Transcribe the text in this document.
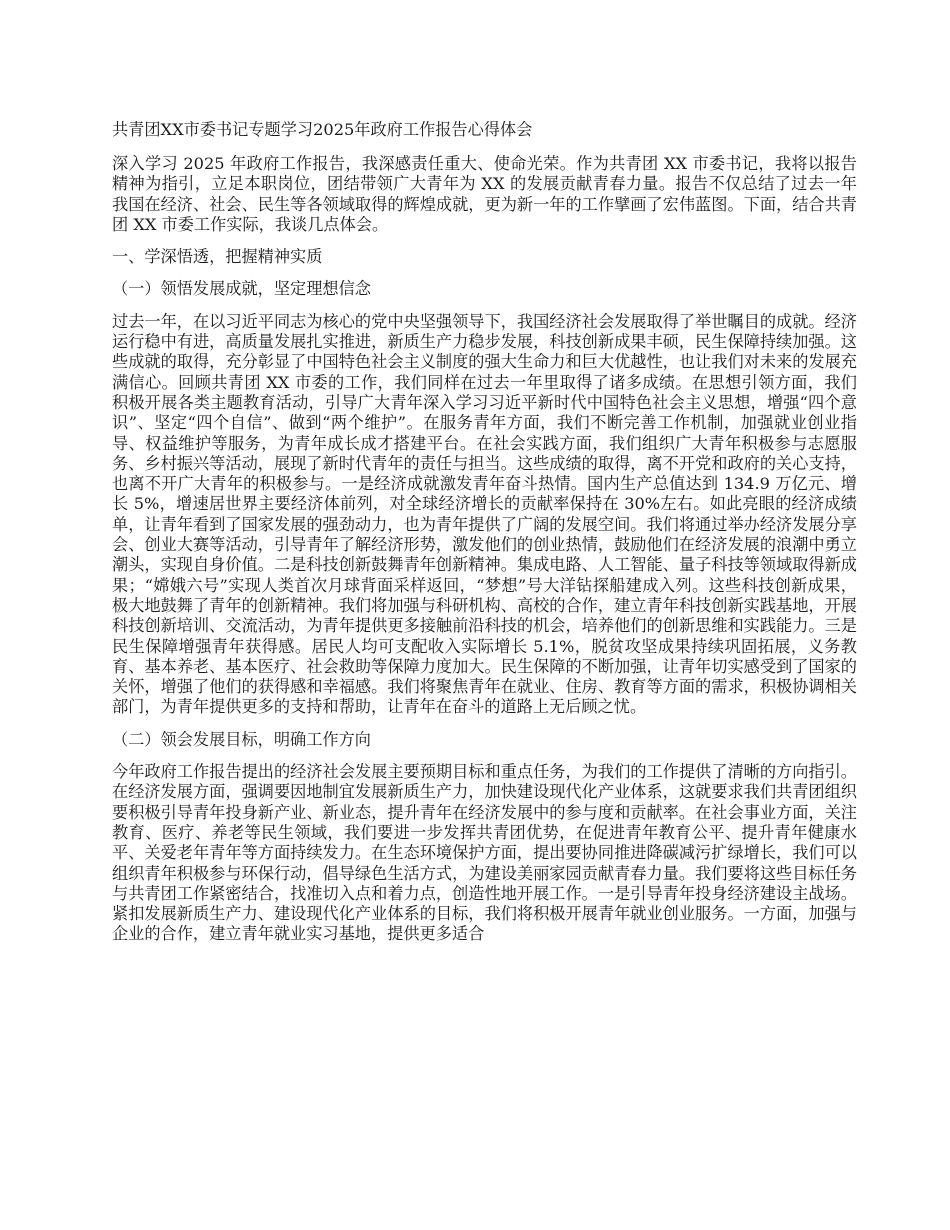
共青团XX市委书记专题学习2025年政府工作报告心得体会

深入学习 2025 年政府工作报告，我深感责任重大、使命光荣。作为共青团 XX 市委书记，我将以报告精神为指引，立足本职岗位，团结带领广大青年为 XX 的发展贡献青春力量。报告不仅总结了过去一年我国在经济、社会、民生等各领域取得的辉煌成就，更为新一年的工作擘画了宏伟蓝图。下面，结合共青团 XX 市委工作实际，我谈几点体会。

一、学深悟透，把握精神实质
（一）领悟发展成就，坚定理想信念

过去一年，在以习近平同志为核心的党中央坚强领导下，我国经济社会发展取得了举世瞩目的成就。经济运行稳中有进，高质量发展扎实推进，新质生产力稳步发展，科技创新成果丰硕，民生保障持续加强。这些成就的取得，充分彰显了中国特色社会主义制度的强大生命力和巨大优越性，也让我们对未来的发展充满信心。回顾共青团 XX 市委的工作，我们同样在过去一年里取得了诸多成绩。在思想引领方面，我们积极开展各类主题教育活动，引导广大青年深入学习习近平新时代中国特色社会主义思想，增强“四个意识”、坚定“四个自信”、做到“两个维护”。在服务青年方面，我们不断完善工作机制，加强就业创业指导、权益维护等服务，为青年成长成才搭建平台。在社会实践方面，我们组织广大青年积极参与志愿服务、乡村振兴等活动，展现了新时代青年的责任与担当。这些成绩的取得，离不开党和政府的关心支持，也离不开广大青年的积极参与。一是经济成就激发青年奋斗热情。国内生产总值达到 134.9 万亿元、增长 5%，增速居世界主要经济体前列，对全球经济增长的贡献率保持在 30%左右。如此亮眼的经济成绩单，让青年看到了国家发展的强劲动力，也为青年提供了广阔的发展空间。我们将通过举办经济发展分享会、创业大赛等活动，引导青年了解经济形势，激发他们的创业热情，鼓励他们在经济发展的浪潮中勇立潮头，实现自身价值。二是科技创新鼓舞青年创新精神。集成电路、人工智能、量子科技等领域取得新成果；“嫦娥六号”实现人类首次月球背面采样返回，“梦想”号大洋钻探船建成入列。这些科技创新成果，极大地鼓舞了青年的创新精神。我们将加强与科研机构、高校的合作，建立青年科技创新实践基地，开展科技创新培训、交流活动，为青年提供更多接触前沿科技的机会，培养他们的创新思维和实践能力。三是民生保障增强青年获得感。居民人均可支配收入实际增长 5.1%，脱贫攻坚成果持续巩固拓展，义务教育、基本养老、基本医疗、社会救助等保障力度加大。民生保障的不断加强，让青年切实感受到了国家的关怀，增强了他们的获得感和幸福感。我们将聚焦青年在就业、住房、教育等方面的需求，积极协调相关部门，为青年提供更多的支持和帮助，让青年在奋斗的道路上无后顾之忧。

（二）领会发展目标，明确工作方向

今年政府工作报告提出的经济社会发展主要预期目标和重点任务，为我们的工作提供了清晰的方向指引。在经济发展方面，强调要因地制宜发展新质生产力，加快建设现代化产业体系，这就要求我们共青团组织要积极引导青年投身新产业、新业态，提升青年在经济发展中的参与度和贡献率。在社会事业方面，关注教育、医疗、养老等民生领域，我们要进一步发挥共青团优势，在促进青年教育公平、提升青年健康水平、关爱老年青年等方面持续发力。在生态环境保护方面，提出要协同推进降碳减污扩绿增长，我们可以组织青年积极参与环保行动，倡导绿色生活方式，为建设美丽家园贡献青春力量。我们要将这些目标任务与共青团工作紧密结合，找准切入点和着力点，创造性地开展工作。一是引导青年投身经济建设主战场。紧扣发展新质生产力、建设现代化产业体系的目标，我们将积极开展青年就业创业服务。一方面，加强与企业的合作，建立青年就业实习基地，提供更多适合
